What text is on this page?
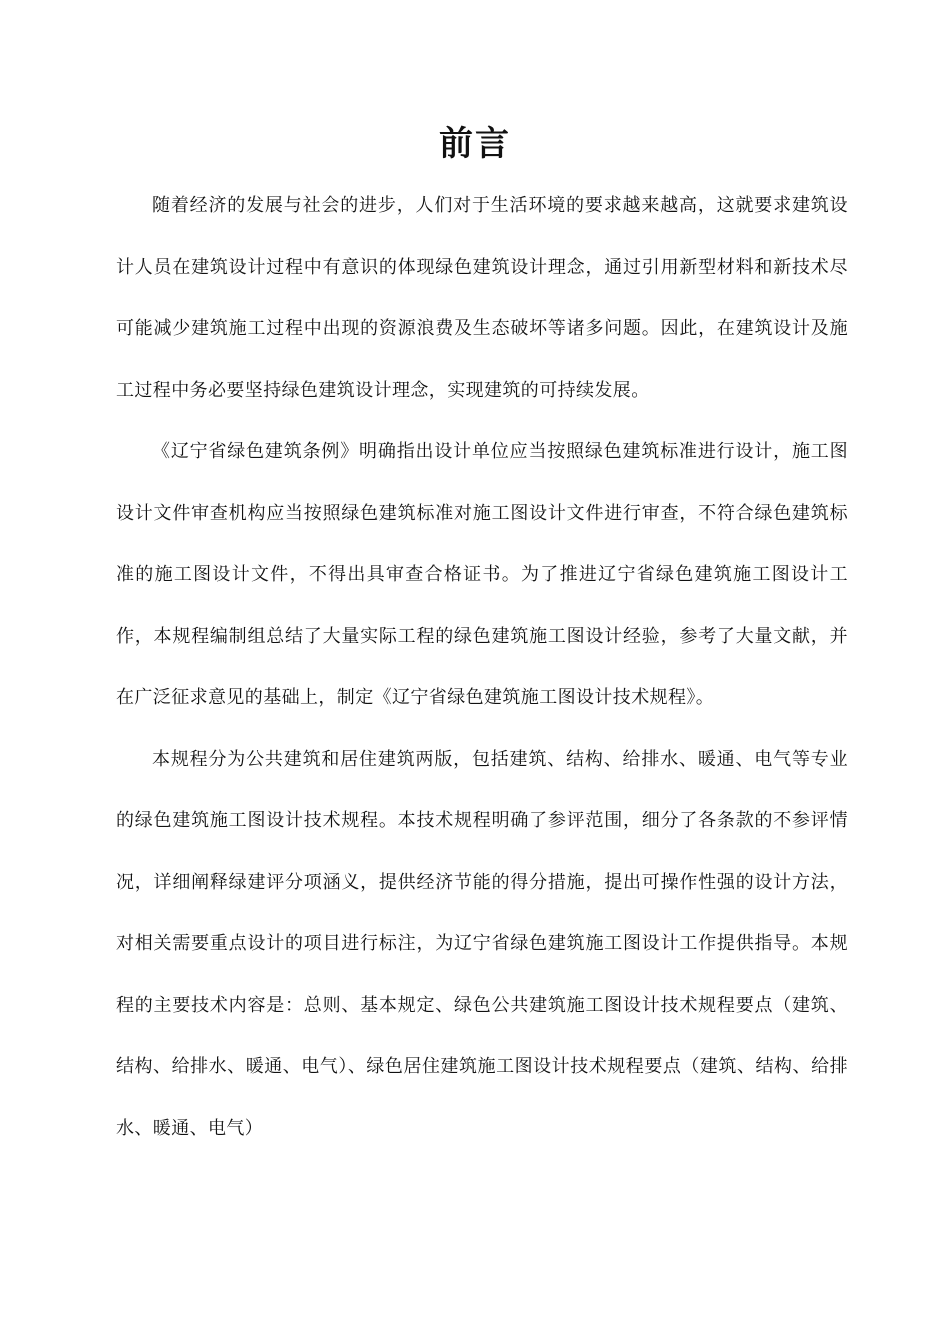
前言

随着经济的发展与社会的进步，人们对于生活环境的要求越来越高，这就要求建筑设计人员在建筑设计过程中有意识的体现绿色建筑设计理念，通过引用新型材料和新技术尽可能减少建筑施工过程中出现的资源浪费及生态破坏等诸多问题。因此，在建筑设计及施工过程中务必要坚持绿色建筑设计理念，实现建筑的可持续发展。

《辽宁省绿色建筑条例》明确指出设计单位应当按照绿色建筑标准进行设计，施工图设计文件审查机构应当按照绿色建筑标准对施工图设计文件进行审查，不符合绿色建筑标准的施工图设计文件，不得出具审查合格证书。为了推进辽宁省绿色建筑施工图设计工作，本规程编制组总结了大量实际工程的绿色建筑施工图设计经验，参考了大量文献，并在广泛征求意见的基础上，制定《辽宁省绿色建筑施工图设计技术规程》。

本规程分为公共建筑和居住建筑两版，包括建筑、结构、给排水、暖通、电气等专业的绿色建筑施工图设计技术规程。本技术规程明确了参评范围，细分了各条款的不参评情况，详细阐释绿建评分项涵义，提供经济节能的得分措施，提出可操作性强的设计方法，对相关需要重点设计的项目进行标注，为辽宁省绿色建筑施工图设计工作提供指导。本规程的主要技术内容是：总则、基本规定、绿色公共建筑施工图设计技术规程要点（建筑、结构、给排水、暖通、电气）、绿色居住建筑施工图设计技术规程要点（建筑、结构、给排水、暖通、电气）
